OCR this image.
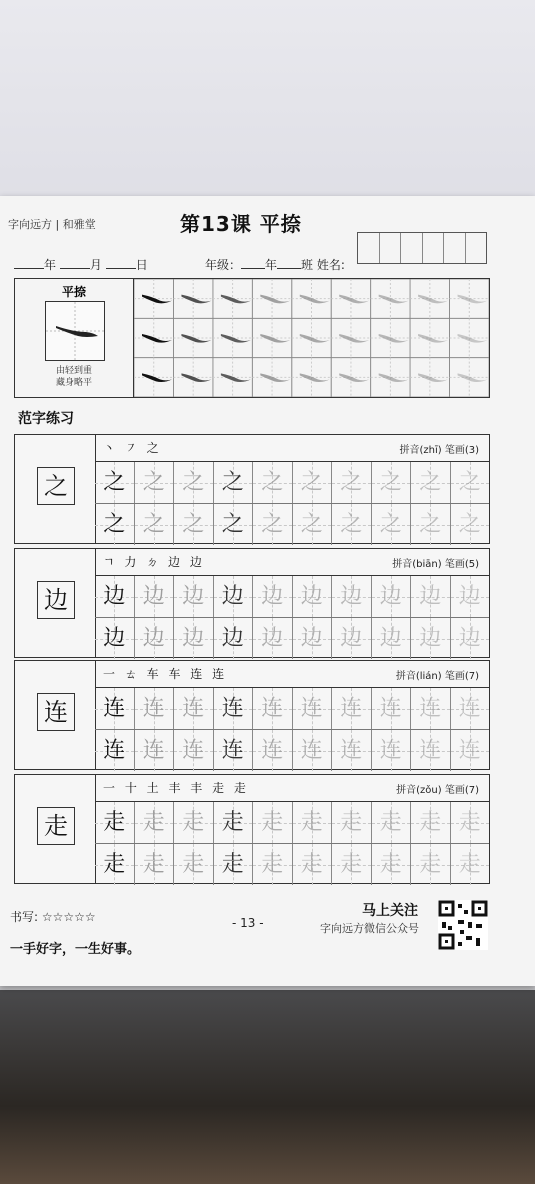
字向远方 | 和雅堂	第13课 平捺
年	月	日	年级： 年 班 姓名:
平捺
由轻到重
藏身略平
范字练习
之
丶 ㇇ 之	拼音(zhī) 笔画(3)
之 之 之 之 之 之 之 之 之 之
之 之 之 之 之 之 之 之 之 之
边
ㄱ 力 ㄉ 边 边	拼音(biān) 笔画(5)
边 边 边 边 边 边 边 边 边 边
边 边 边 边 边 边 边 边 边 边
连
一 ㄊ 车 车 连 连	拼音(lián) 笔画(7)
连 连 连 连 连 连 连 连 连 连
连 连 连 连 连 连 连 连 连 连
走
一 十 土 丰 丰 走 走	拼音(zǒu) 笔画(7)
走 走 走 走 走 走 走 走 走 走
走 走 走 走 走 走 走 走 走 走
书写: ☆☆☆☆☆	- 13 -
马上关注
字向远方微信公众号
一手好字，一生好事。
